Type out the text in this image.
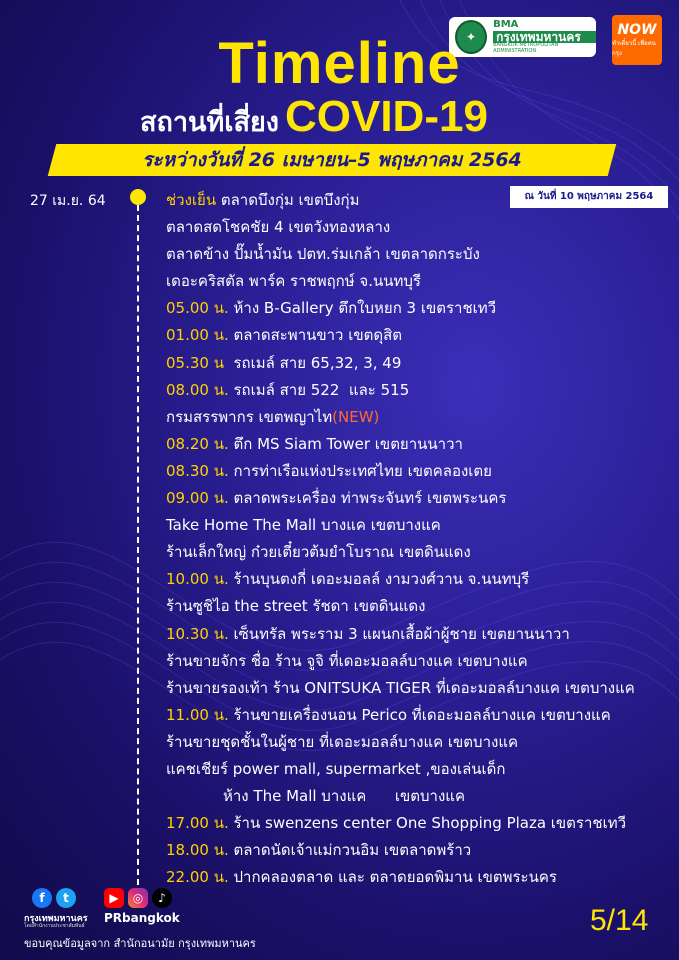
✦
BMA
กรุงเทพมหานคร
BANGKOK METROPOLITAN ADMINISTRATION
NOW
ทำเดี๋ยวนี้ เพื่อคนกรุง
Timeline
สถานที่เสี่ยง COVID-19
ระหว่างวันที่ 26 เมษายน–5 พฤษภาคม 2564
ณ วันที่ 10 พฤษภาคม 2564
27 เม.ย. 64	ช่วงเย็น ตลาดบึงกุ่ม เขตบึงกุ่ม
ตลาดสดโชคชัย 4 เขตวังทองหลาง
ตลาดข้าง ปั๊มน้ำมัน ปตท.ร่มเกล้า เขตลาดกระบัง
เดอะคริสตัล พาร์ค ราชพฤกษ์ จ.นนทบุรี
05.00 น. ห้าง B-Gallery ตึกใบหยก 3 เขตราชเทวี
01.00 น. ตลาดสะพานขาว เขตดุสิต
05.30 น  รถเมล์ สาย 65,32, 3, 49
08.00 น. รถเมล์ สาย 522  และ 515
กรมสรรพากร เขตพญาไท(NEW)
08.20 น. ตึก MS Siam Tower เขตยานนาวา
08.30 น. การท่าเรือแห่งประเทศไทย เขตคลองเตย
09.00 น. ตลาดพระเครื่อง ท่าพระจันทร์ เขตพระนคร
Take Home The Mall บางแค เขตบางแค
ร้านเล็กใหญ่ ก๋วยเตี๋ยวต้มยำโบราณ เขตดินแดง
10.00 น. ร้านบุนตงกี่ เดอะมอลล์ งามวงศ์วาน จ.นนทบุรี
ร้านซูชิไอ the street รัชดา เขตดินแดง
10.30 น. เซ็นทรัล พระราม 3 แผนกเสื้อผ้าผู้ชาย เขตยานนาวา
ร้านขายจักร ชื่อ ร้าน จูจิ ที่เดอะมอลล์บางแค เขตบางแค
ร้านขายรองเท้า ร้าน ONITSUKA TIGER ที่เดอะมอลล์บางแค เขตบางแค
11.00 น. ร้านขายเครื่องนอน Perico ที่เดอะมอลล์บางแค เขตบางแค
ร้านขายชุดชั้นในผู้ชาย ที่เดอะมอลล์บางแค เขตบางแค
แคชเชียร์ power mall, supermarket ,ของเล่นเด็ก
ห้าง The Mall บางแค      เขตบางแค
17.00 น. ร้าน swenzens center One Shopping Plaza เขตราชเทวี
18.00 น. ตลาดนัดเจ้าแม่กวนอิม เขตลาดพร้าว
22.00 น. ปากคลองตลาด และ ตลาดยอดพิมาน เขตพระนคร
f	t	▶	◎	♪
กรุงเทพมหานคร
โดยสำนักงานประชาสัมพันธ์
PRbangkok
ขอบคุณข้อมูลจาก สำนักอนามัย กรุงเทพมหานคร
5/14
